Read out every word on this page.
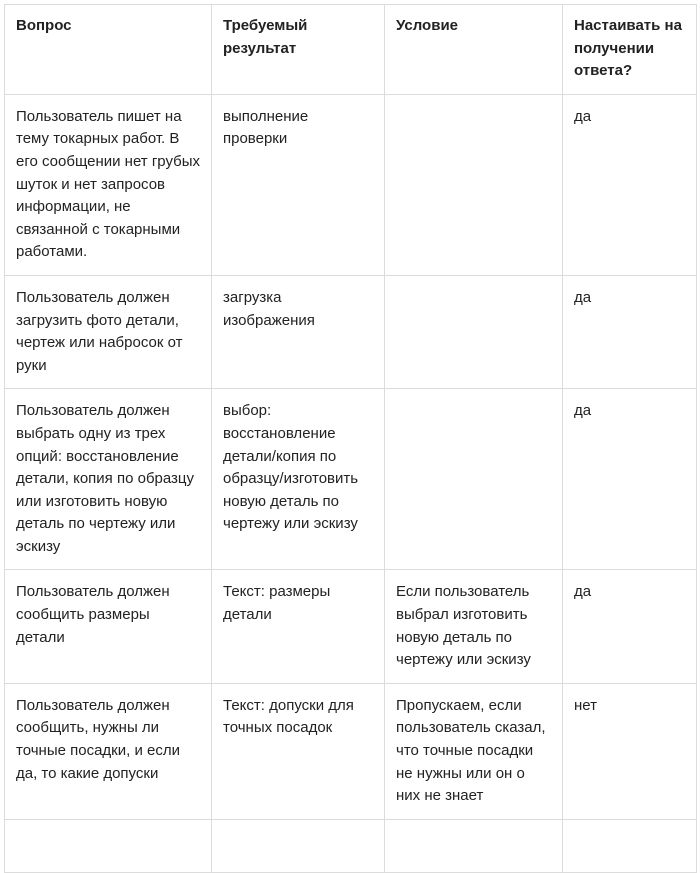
Вопрос	Требуемый результат	Условие	Настаивать на получении ответа?
Пользователь пишет на тему токарных работ. В его сообщении нет грубых шуток и нет запросов информации, не связанной с токарными работами.	выполнение проверки		да
Пользователь должен загрузить фото детали, чертеж или набросок от руки	загрузка изображения		да
Пользователь должен выбрать одну из трех опций: восстановление детали, копия по образцу или изготовить новую деталь по чертежу или эскизу	выбор: восстановление детали/копия по образцу/изготовить новую деталь по чертежу или эскизу		да
Пользователь должен сообщить размеры детали	Текст: размеры детали	Если пользователь выбрал изготовить новую деталь по чертежу или эскизу	да
Пользователь должен сообщить, нужны ли точные посадки, и если да, то какие допуски	Текст: допуски для точных посадок	Пропускаем, если пользователь сказал, что точные посадки не нужны или он о них не знает	нет
